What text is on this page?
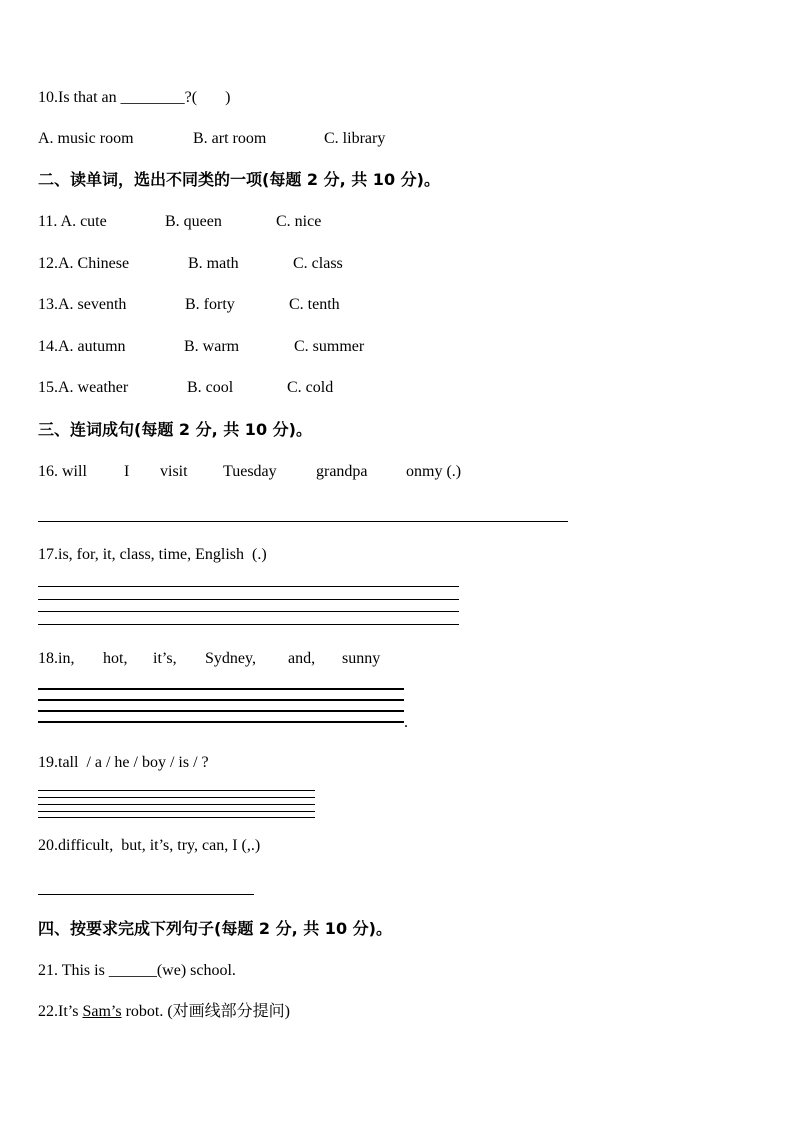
10.Is that an ________?(       )
A. music room	B. art room	C. library
二、读单词，选出不同类的一项(每题 2 分, 共 10 分)。
11. A. cute	B. queen	C. nice
12.A. Chinese	B. math	C. class
13.A. seventh	B. forty	C. tenth
14.A. autumn	B. warm	C. summer
15.A. weather	B. cool	C. cold
三、连词成句(每题 2 分, 共 10 分)。
16. will I visit Tuesday grandpa onmy (.)
17.is, for, it, class, time, English  (.)
18.in, hot, it’s, Sydney, and, sunny
.
19.tall  / a / he / boy / is / ?
20.difficult,  but, it’s, try, can, I (,.)
四、按要求完成下列句子(每题 2 分, 共 10 分)。
21. This is ______(we) school.
22.It’s Sam’s robot. (对画线部分提问)
